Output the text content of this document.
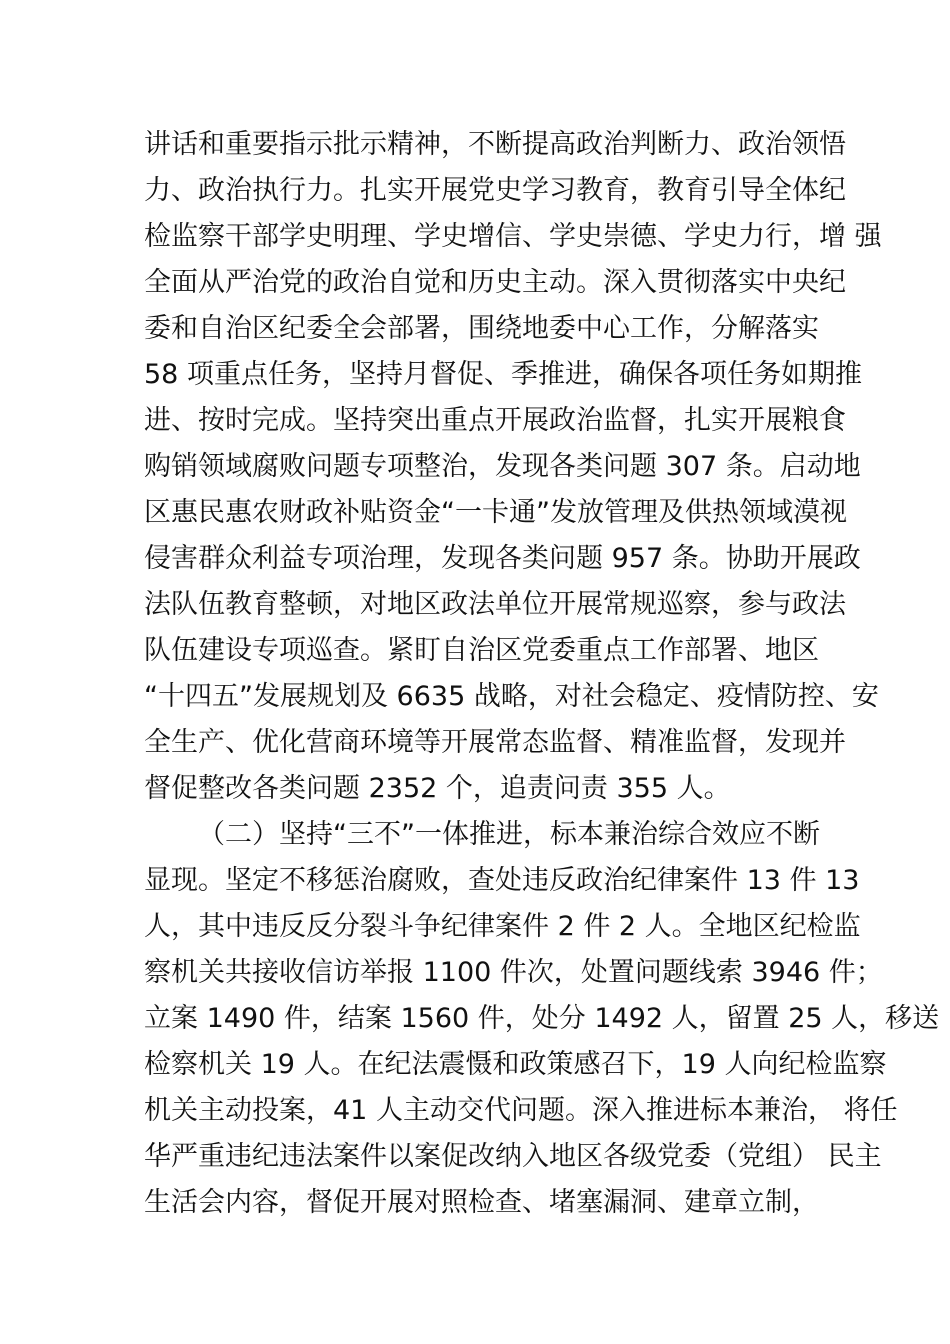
讲话和重要指示批示精神，不断提高政治判断力、政治领悟
力、政治执行力。扎实开展党史学习教育，教育引导全体纪
检监察干部学史明理、学史增信、学史崇德、学史力行，增 强
全面从严治党的政治自觉和历史主动。深入贯彻落实中央纪
委和自治区纪委全会部署，围绕地委中心工作，分解落实
58 项重点任务，坚持月督促、季推进，确保各项任务如期推
进、按时完成。坚持突出重点开展政治监督，扎实开展粮食
购销领域腐败问题专项整治，发现各类问题 307 条。启动地
区惠民惠农财政补贴资金“一卡通”发放管理及供热领域漠视
侵害群众利益专项治理，发现各类问题 957 条。协助开展政
法队伍教育整顿，对地区政法单位开展常规巡察，参与政法
队伍建设专项巡查。紧盯自治区党委重点工作部署、地区
“十四五”发展规划及 6635 战略，对社会稳定、疫情防控、安
全生产、优化营商环境等开展常态监督、精准监督，发现并
督促整改各类问题 2352 个，追责问责 355 人。
（二）坚持“三不”一体推进，标本兼治综合效应不断
显现。坚定不移惩治腐败，查处违反政治纪律案件 13 件 13
人，其中违反反分裂斗争纪律案件 2 件 2 人。全地区纪检监
察机关共接收信访举报 1100 件次，处置问题线索 3946 件；
立案 1490 件，结案 1560 件，处分 1492 人，留置 25 人，移送
检察机关 19 人。在纪法震慑和政策感召下，19 人向纪检监察
机关主动投案，41 人主动交代问题。深入推进标本兼治， 将任
华严重违纪违法案件以案促改纳入地区各级党委（党组） 民主
生活会内容，督促开展对照检查、堵塞漏洞、建章立制，
